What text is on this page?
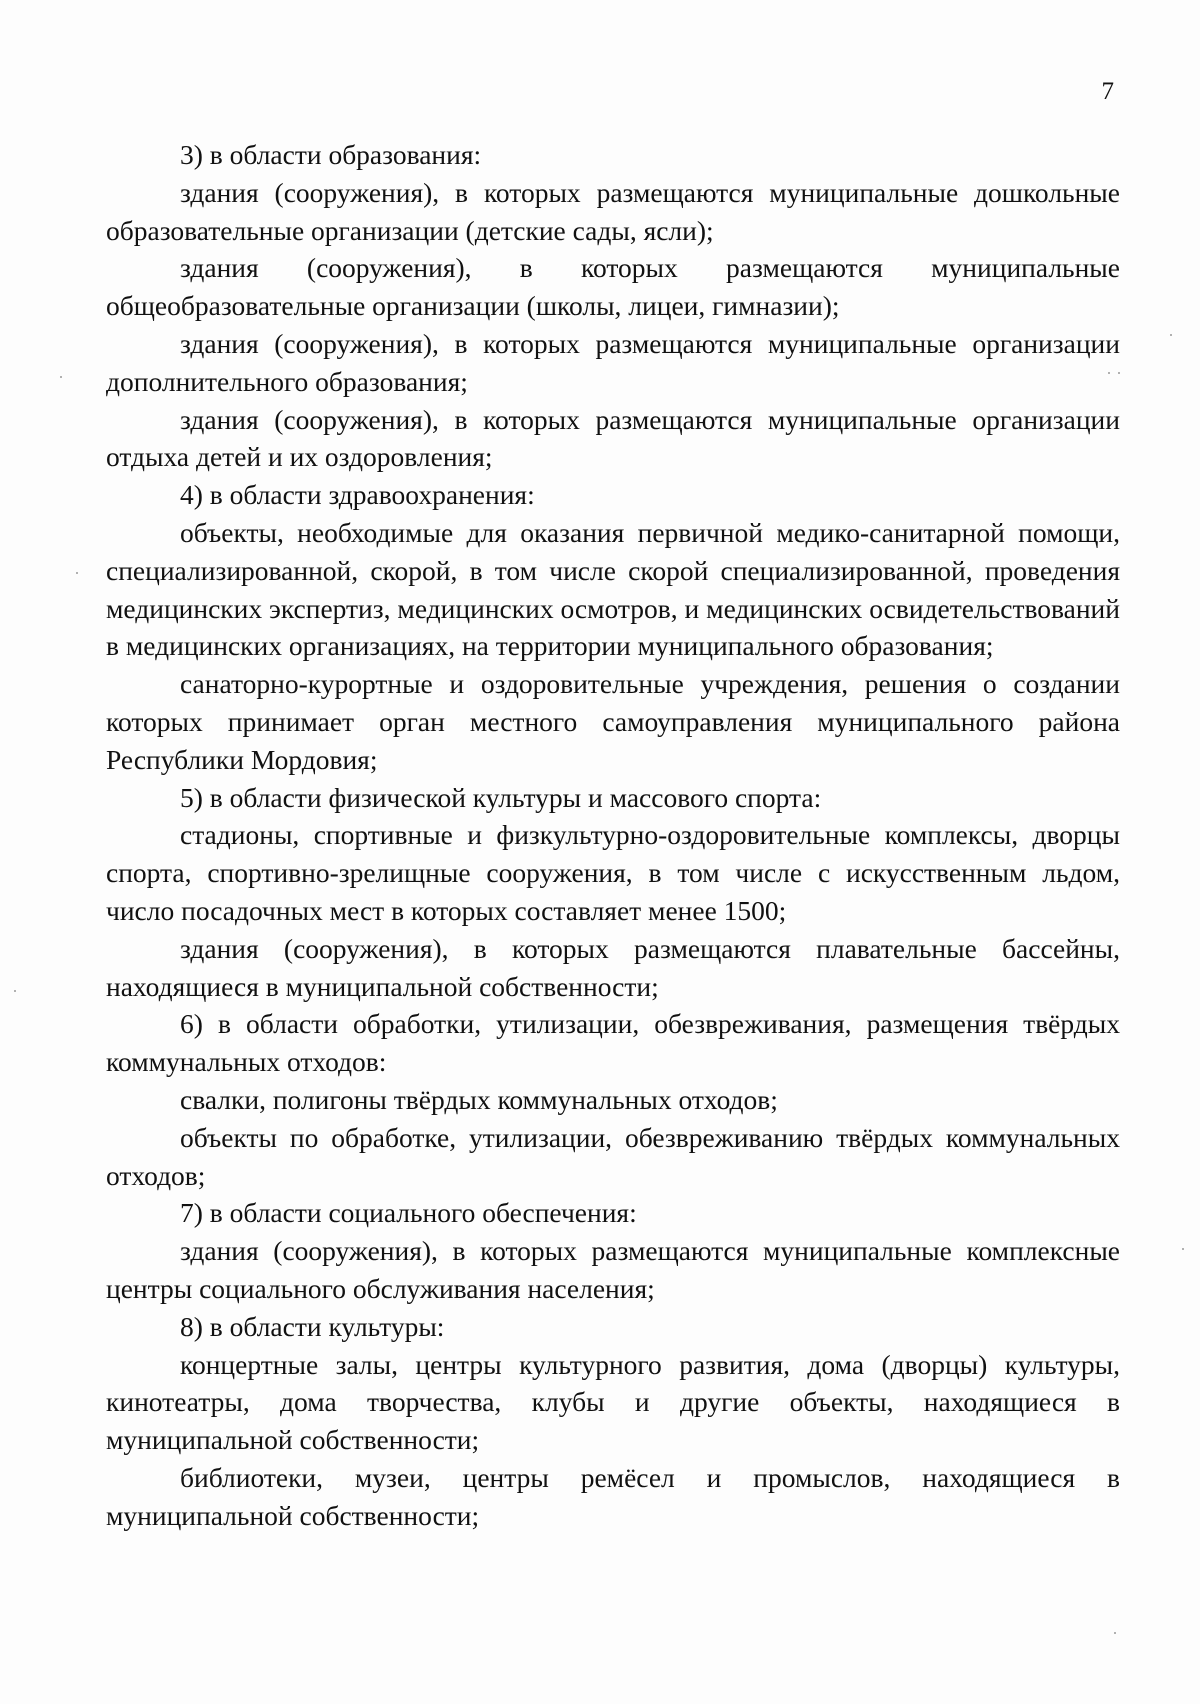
7

3) в области образования:

здания (сооружения), в которых размещаются муниципальные дошкольные образовательные организации (детские сады, ясли);

здания (сооружения), в которых размещаются муниципальные общеобразовательные организации (школы, лицеи, гимназии);

здания (сооружения), в которых размещаются муниципальные организации дополнительного образования;

здания (сооружения), в которых размещаются муниципальные организации отдыха детей и их оздоровления;

4) в области здравоохранения:

объекты, необходимые для оказания первичной медико-санитарной помощи, специализированной, скорой, в том числе скорой специализированной, проведения медицинских экспертиз, медицинских осмотров, и медицинских освидетельствований в медицинских организациях, на территории муниципального образования;

санаторно-курортные и оздоровительные учреждения, решения о создании которых принимает орган местного самоуправления муниципального района Республики Мордовия;

5) в области физической культуры и массового спорта:

стадионы, спортивные и физкультурно-оздоровительные комплексы, дворцы спорта, спортивно-зрелищные сооружения, в том числе с искусственным льдом, число посадочных мест в которых составляет менее 1500;

здания (сооружения), в которых размещаются плавательные бассейны, находящиеся в муниципальной собственности;

6) в области обработки, утилизации, обезвреживания, размещения твёрдых коммунальных отходов:

свалки, полигоны твёрдых коммунальных отходов;

объекты по обработке, утилизации, обезвреживанию твёрдых коммунальных отходов;

7) в области социального обеспечения:

здания (сооружения), в которых размещаются муниципальные комплексные центры социального обслуживания населения;

8) в области культуры:

концертные залы, центры культурного развития, дома (дворцы) культуры, кинотеатры, дома творчества, клубы и другие объекты, находящиеся в муниципальной собственности;

библиотеки, музеи, центры ремёсел и промыслов, находящиеся в муниципальной собственности;
